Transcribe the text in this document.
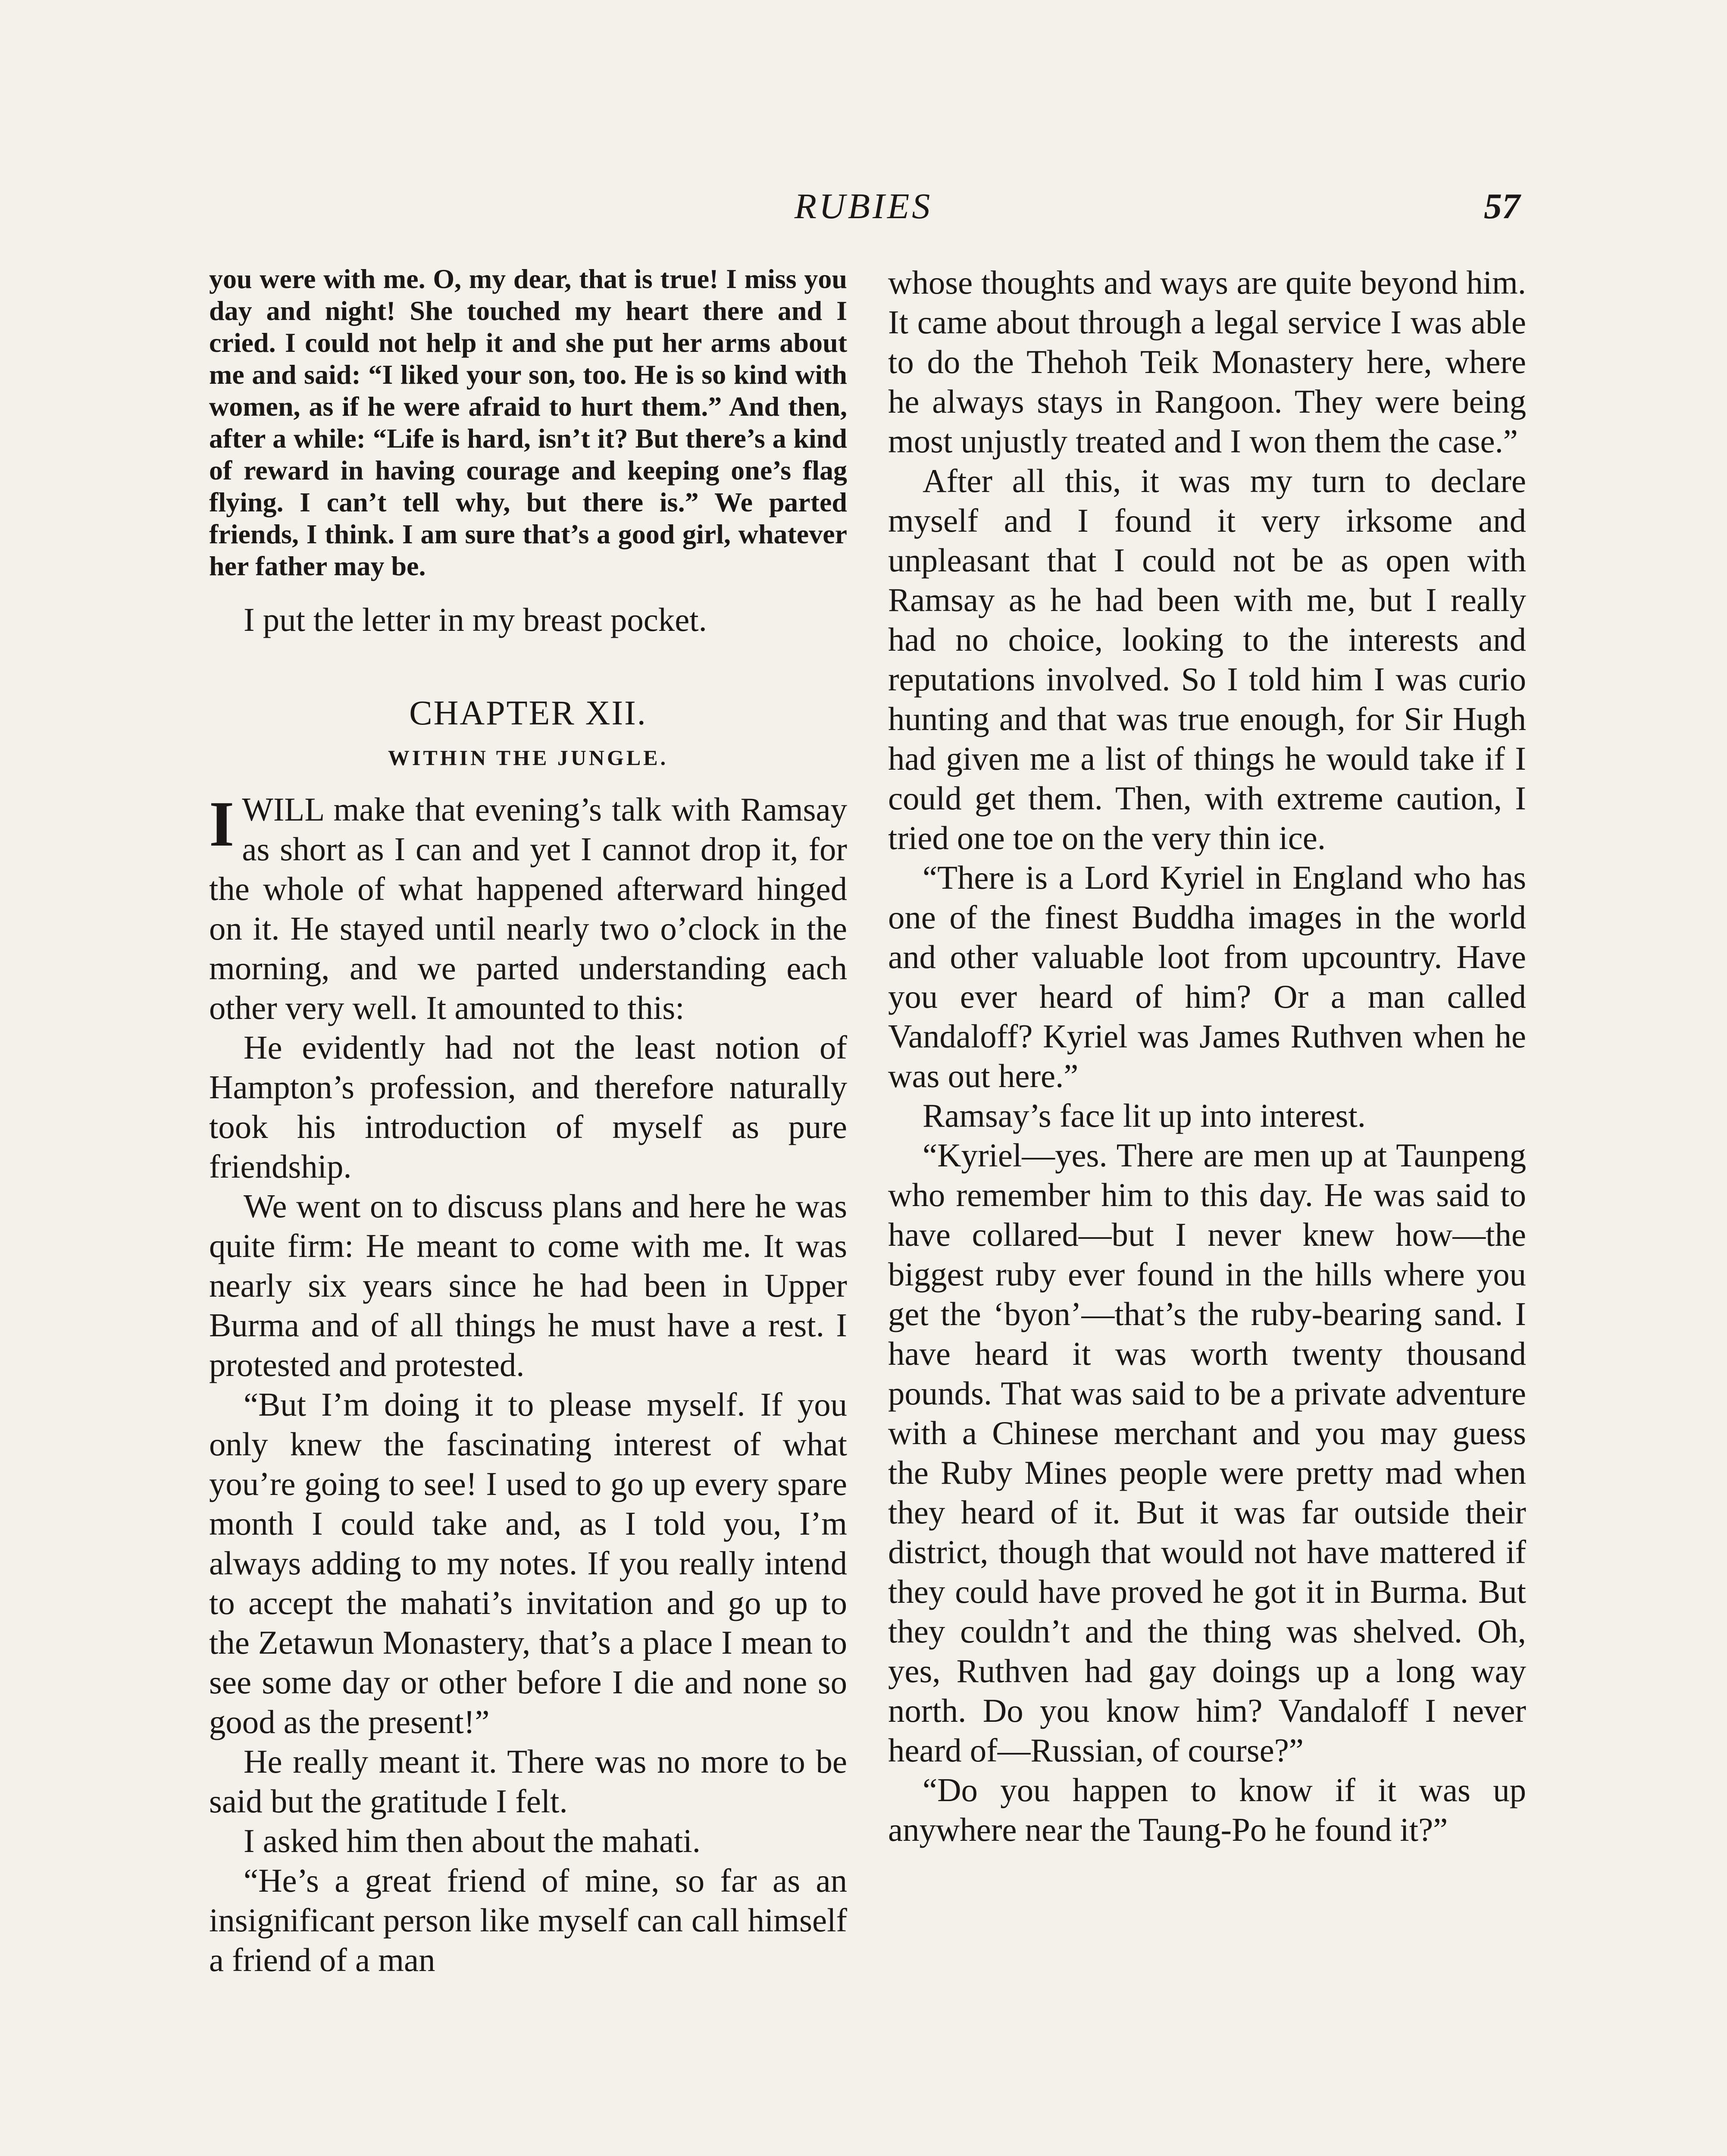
RUBIES	57

you were with me. O, my dear, that is true! I miss you day and night! She touched my heart there and I cried. I could not help it and she put her arms about me and said: “I liked your son, too. He is so kind with women, as if he were afraid to hurt them.” And then, after a while: “Life is hard, isn’t it? But there’s a kind of reward in having courage and keeping one’s flag flying. I can’t tell why, but there is.” We parted friends, I think. I am sure that’s a good girl, whatever her father may be.

I put the letter in my breast pocket.

CHAPTER XII.
WITHIN THE JUNGLE.

IWILL make that evening’s talk with Ramsay as short as I can and yet I cannot drop it, for the whole of what happened afterward hinged on it. He stayed until nearly two o’clock in the morning, and we parted understanding each other very well. It amounted to this:

He evidently had not the least notion of Hampton’s profession, and therefore naturally took his introduction of myself as pure friendship.

We went on to discuss plans and here he was quite firm: He meant to come with me. It was nearly six years since he had been in Upper Burma and of all things he must have a rest. I protested and protested.

“But I’m doing it to please myself. If you only knew the fascinating interest of what you’re going to see! I used to go up every spare month I could take and, as I told you, I’m always adding to my notes. If you really intend to accept the mahati’s invitation and go up to the Zetawun Monastery, that’s a place I mean to see some day or other before I die and none so good as the present!”

He really meant it. There was no more to be said but the gratitude I felt.

I asked him then about the mahati.

“He’s a great friend of mine, so far as an insignificant person like myself can call himself a friend of a man

whose thoughts and ways are quite beyond him. It came about through a legal service I was able to do the Thehoh Teik Monastery here, where he always stays in Rangoon. They were being most unjustly treated and I won them the case.”

After all this, it was my turn to declare myself and I found it very irksome and unpleasant that I could not be as open with Ramsay as he had been with me, but I really had no choice, looking to the interests and reputations involved. So I told him I was curio hunting and that was true enough, for Sir Hugh had given me a list of things he would take if I could get them. Then, with extreme caution, I tried one toe on the very thin ice.

“There is a Lord Kyriel in England who has one of the finest Buddha images in the world and other valuable loot from upcountry. Have you ever heard of him? Or a man called Vandaloff? Kyriel was James Ruthven when he was out here.”

Ramsay’s face lit up into interest.

“Kyriel—yes. There are men up at Taunpeng who remember him to this day. He was said to have collared—but I never knew how—the biggest ruby ever found in the hills where you get the ‘byon’—that’s the ruby-bearing sand. I have heard it was worth twenty thousand pounds. That was said to be a private adventure with a Chinese merchant and you may guess the Ruby Mines people were pretty mad when they heard of it. But it was far outside their district, though that would not have mattered if they could have proved he got it in Burma. But they couldn’t and the thing was shelved. Oh, yes, Ruthven had gay doings up a long way north. Do you know him? Vandaloff I never heard of—Russian, of course?”

“Do you happen to know if it was up anywhere near the Taung-Po he found it?”
